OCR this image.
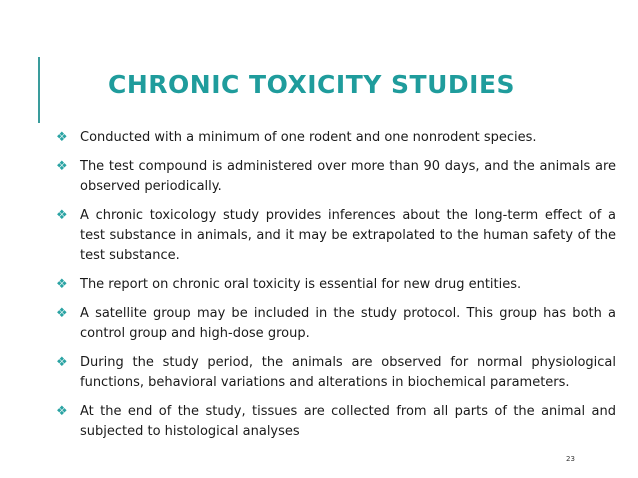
CHRONIC TOXICITY STUDIES
❖ Conducted with a minimum of one rodent and one nonrodent species.
❖ The test compound is administered over more than 90 days, and the animals are observed periodically.
❖ A chronic toxicology study provides inferences about the long-term effect of a test substance in animals, and it may be extrapolated to the human safety of the test substance.
❖ The report on chronic oral toxicity is essential for new drug entities.
❖ A satellite group may be included in the study protocol. This group has both a control group and high-dose group.
❖ During the study period, the animals are observed for normal physiological functions, behavioral variations and alterations in biochemical parameters.
❖ At the end of the study, tissues are collected from all parts of the animal and subjected to histological analyses
23
